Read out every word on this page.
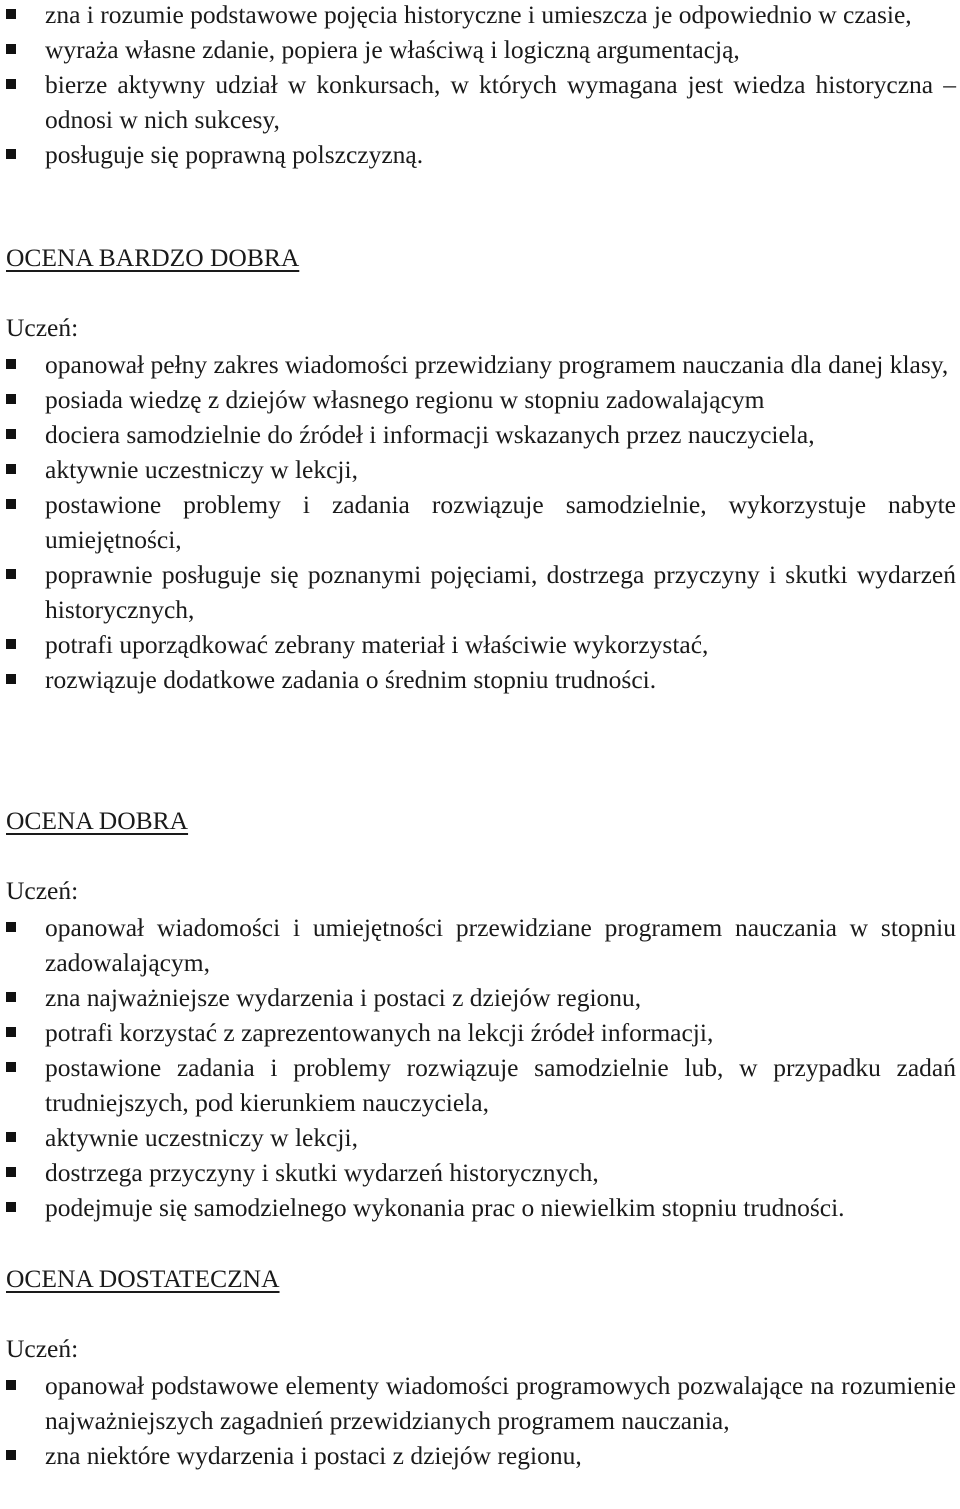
zna i rozumie podstawowe pojęcia historyczne i umieszcza je odpowiednio w czasie,
wyraża własne zdanie, popiera je właściwą i logiczną argumentacją,
bierze aktywny udział w konkursach, w których wymagana jest wiedza historyczna – odnosi w nich sukcesy,
posługuje się poprawną polszczyzną.
OCENA BARDZO DOBRA

Uczeń:

opanował pełny zakres wiadomości przewidziany programem nauczania dla danej klasy,
posiada wiedzę z dziejów własnego regionu w stopniu zadowalającym
dociera samodzielnie do źródeł i informacji wskazanych przez nauczyciela,
aktywnie uczestniczy w lekcji,
postawione problemy i zadania rozwiązuje samodzielnie, wykorzystuje nabyte umiejętności,
poprawnie posługuje się poznanymi pojęciami, dostrzega przyczyny i skutki wydarzeń historycznych,
potrafi uporządkować zebrany materiał i właściwie wykorzystać,
rozwiązuje dodatkowe zadania o średnim stopniu trudności.
OCENA DOBRA

Uczeń:

opanował wiadomości i umiejętności przewidziane programem nauczania w stopniu zadowalającym,
zna najważniejsze wydarzenia i postaci z dziejów regionu,
potrafi korzystać z zaprezentowanych na lekcji źródeł informacji,
postawione zadania i problemy rozwiązuje samodzielnie lub, w przypadku zadań trudniejszych, pod kierunkiem nauczyciela,
aktywnie uczestniczy w lekcji,
dostrzega przyczyny i skutki wydarzeń historycznych,
podejmuje się samodzielnego wykonania prac o niewielkim stopniu trudności.
OCENA DOSTATECZNA

Uczeń:

opanował podstawowe elementy wiadomości programowych pozwalające na rozumienie najważniejszych zagadnień przewidzianych programem nauczania,
zna niektóre wydarzenia i postaci z dziejów regionu,
